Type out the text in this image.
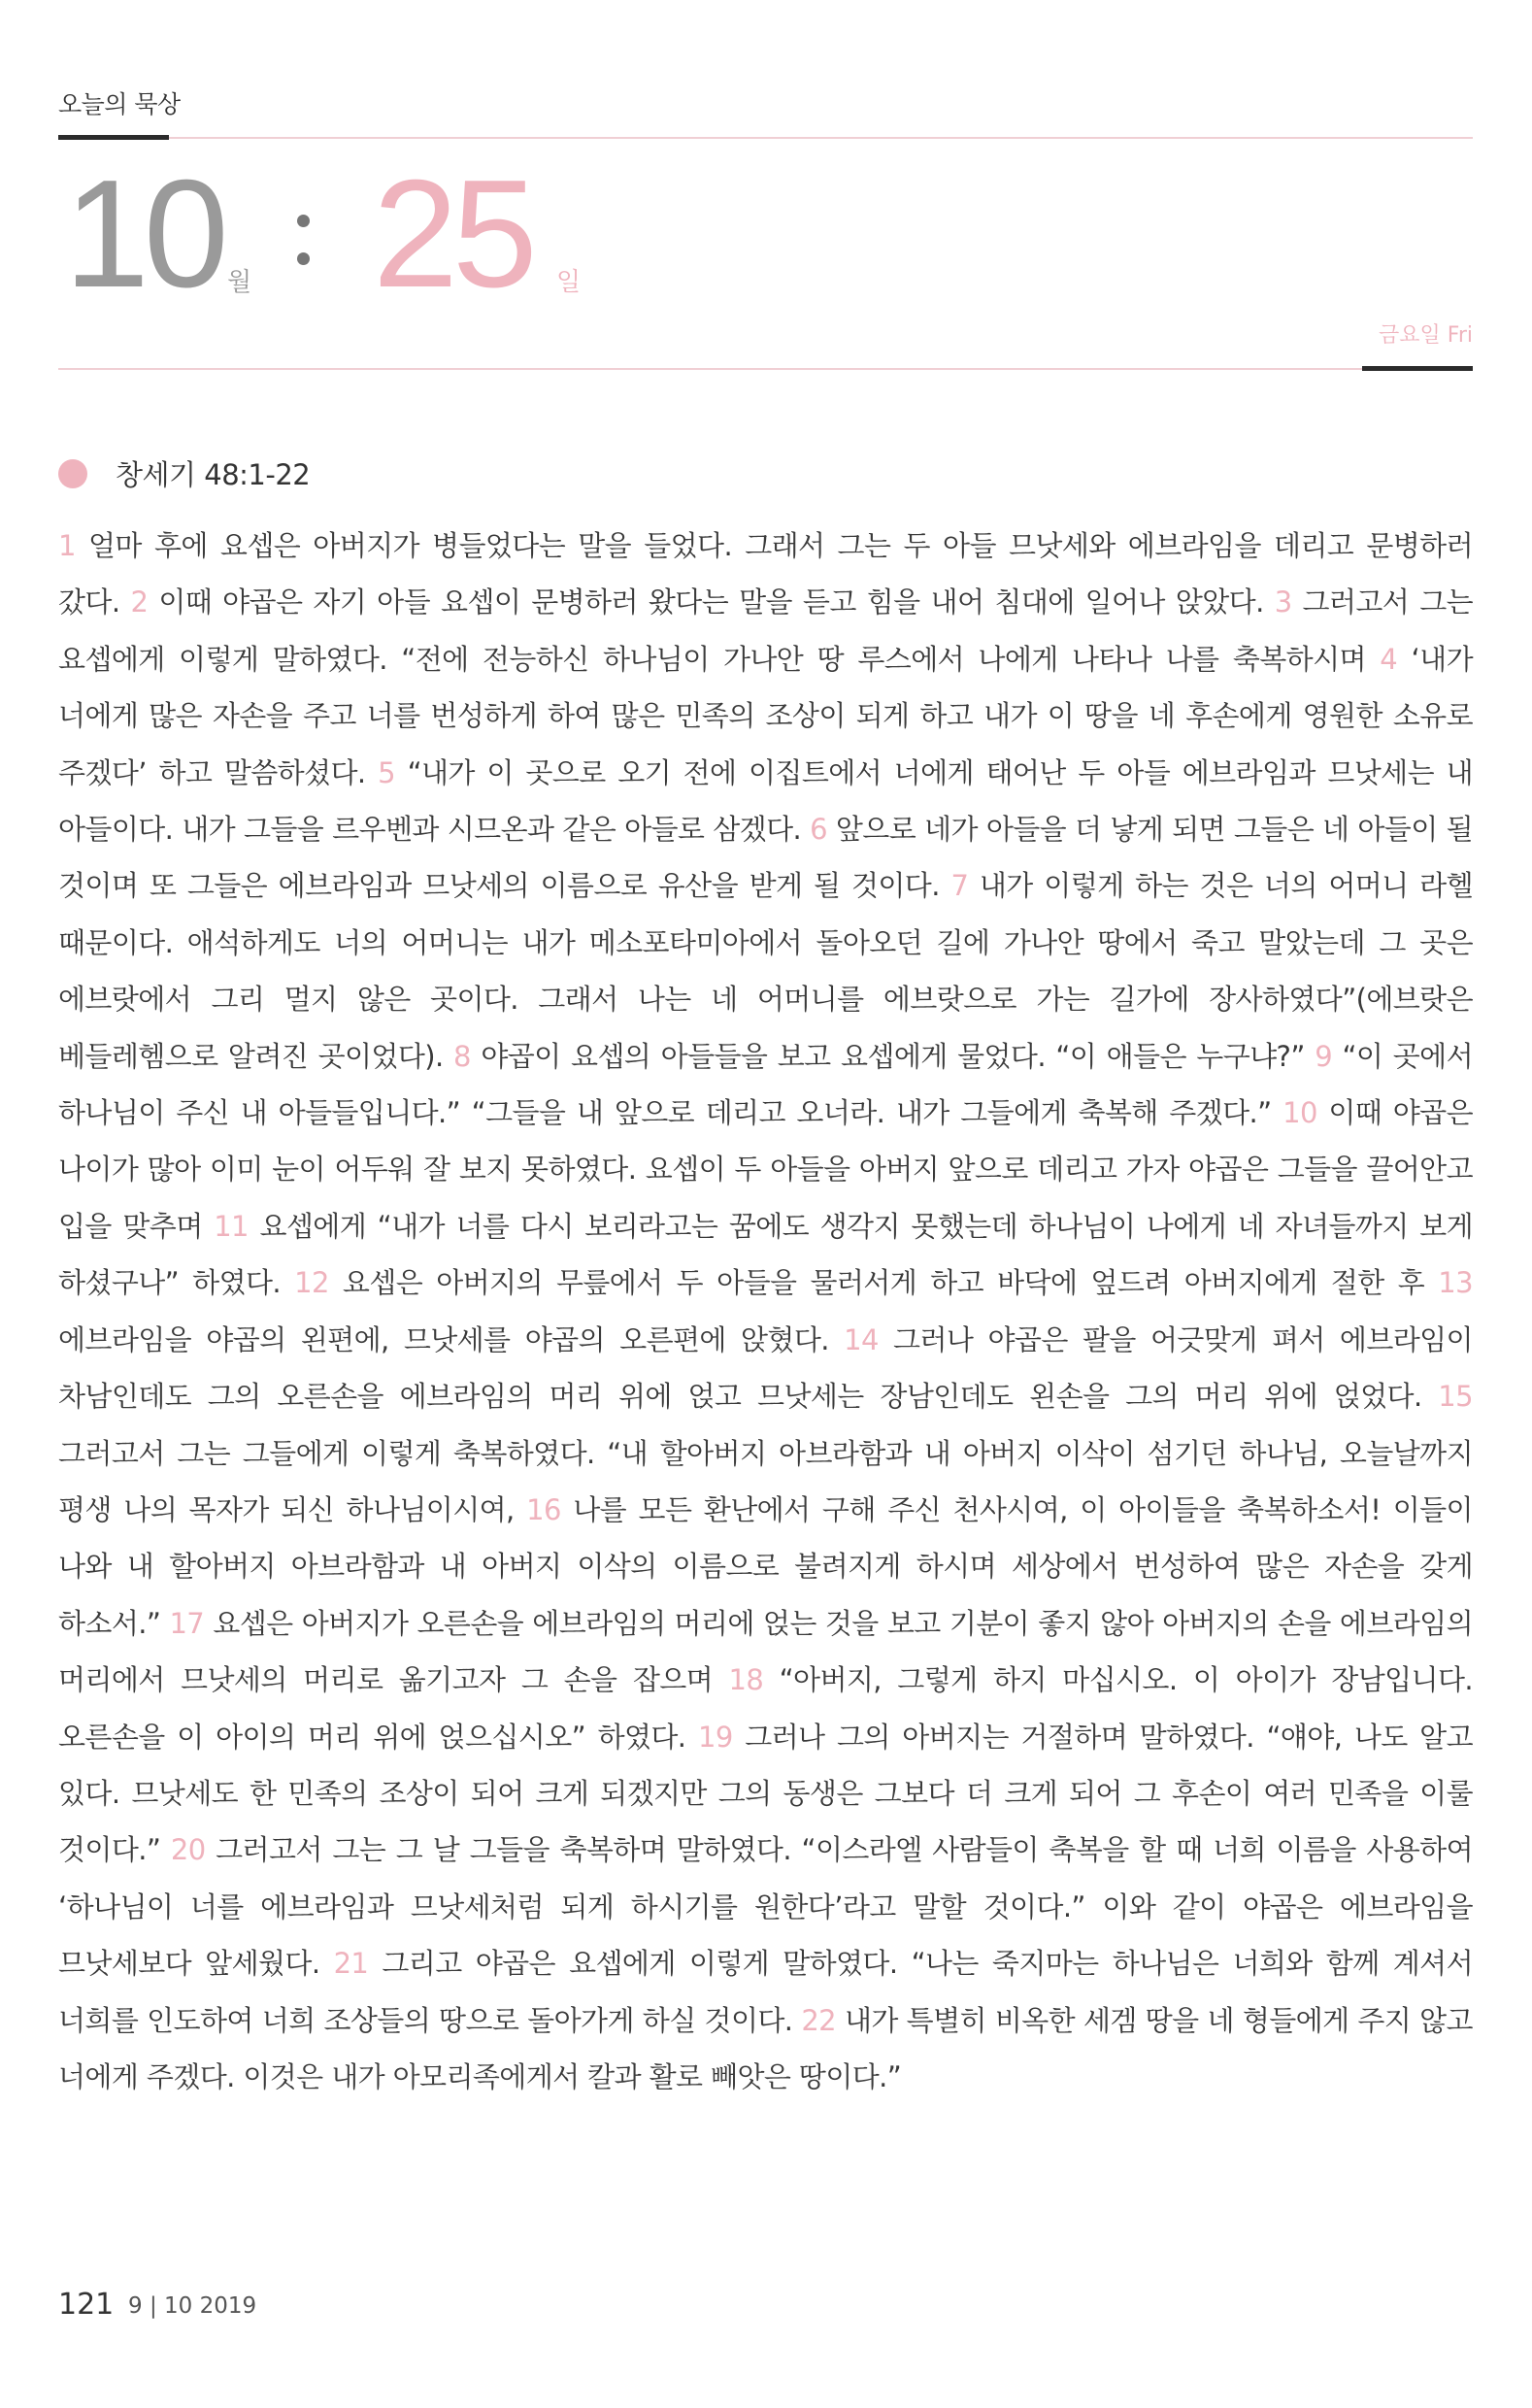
오늘의 묵상
10 월 25 일
금요일 Fri
창세기 48:1-22
1 얼마 후에 요셉은 아버지가 병들었다는 말을 들었다. 그래서 그는 두 아들 므낫세와 에브라임을 데리고 문병하러 갔다. 2 이때 야곱은 자기 아들 요셉이 문병하러 왔다는 말을 듣고 힘을 내어 침대에 일어나 앉았다. 3 그러고서 그는 요셉에게 이렇게 말하였다. “전에 전능하신 하나님이 가나안 땅 루스에서 나에게 나타나 나를 축복하시며 4 ‘내가 너에게 많은 자손을 주고 너를 번성하게 하여 많은 민족의 조상이 되게 하고 내가 이 땅을 네 후손에게 영원한 소유로 주겠다’ 하고 말씀하셨다. 5 “내가 이 곳으로 오기 전에 이집트에서 너에게 태어난 두 아들 에브라임과 므낫세는 내 아들이다. 내가 그들을 르우벤과 시므온과 같은 아들로 삼겠다. 6 앞으로 네가 아들을 더 낳게 되면 그들은 네 아들이 될 것이며 또 그들은 에브라임과 므낫세의 이름으로 유산을 받게 될 것이다. 7 내가 이렇게 하는 것은 너의 어머니 라헬 때문이다. 애석하게도 너의 어머니는 내가 메소포타미아에서 돌아오던 길에 가나안 땅에서 죽고 말았는데 그 곳은 에브랏에서 그리 멀지 않은 곳이다. 그래서 나는 네 어머니를 에브랏으로 가는 길가에 장사하였다”(에브랏은 베들레헴으로 알려진 곳이었다). 8 야곱이 요셉의 아들들을 보고 요셉에게 물었다. “이 애들은 누구냐?” 9 “이 곳에서 하나님이 주신 내 아들들입니다.” “그들을 내 앞으로 데리고 오너라. 내가 그들에게 축복해 주겠다.” 10 이때 야곱은 나이가 많아 이미 눈이 어두워 잘 보지 못하였다. 요셉이 두 아들을 아버지 앞으로 데리고 가자 야곱은 그들을 끌어안고 입을 맞추며 11 요셉에게 “내가 너를 다시 보리라고는 꿈에도 생각지 못했는데 하나님이 나에게 네 자녀들까지 보게 하셨구나” 하였다. 12 요셉은 아버지의 무릎에서 두 아들을 물러서게 하고 바닥에 엎드려 아버지에게 절한 후 13 에브라임을 야곱의 왼편에, 므낫세를 야곱의 오른편에 앉혔다. 14 그러나 야곱은 팔을 어긋맞게 펴서 에브라임이 차남인데도 그의 오른손을 에브라임의 머리 위에 얹고 므낫세는 장남인데도 왼손을 그의 머리 위에 얹었다. 15 그러고서 그는 그들에게 이렇게 축복하였다. “내 할아버지 아브라함과 내 아버지 이삭이 섬기던 하나님, 오늘날까지 평생 나의 목자가 되신 하나님이시여, 16 나를 모든 환난에서 구해 주신 천사시여, 이 아이들을 축복하소서! 이들이 나와 내 할아버지 아브라함과 내 아버지 이삭의 이름으로 불려지게 하시며 세상에서 번성하여 많은 자손을 갖게 하소서.” 17 요셉은 아버지가 오른손을 에브라임의 머리에 얹는 것을 보고 기분이 좋지 않아 아버지의 손을 에브라임의 머리에서 므낫세의 머리로 옮기고자 그 손을 잡으며 18 “아버지, 그렇게 하지 마십시오. 이 아이가 장남입니다. 오른손을 이 아이의 머리 위에 얹으십시오” 하였다. 19 그러나 그의 아버지는 거절하며 말하였다. “얘야, 나도 알고 있다. 므낫세도 한 민족의 조상이 되어 크게 되겠지만 그의 동생은 그보다 더 크게 되어 그 후손이 여러 민족을 이룰 것이다.” 20 그러고서 그는 그 날 그들을 축복하며 말하였다. “이스라엘 사람들이 축복을 할 때 너희 이름을 사용하여 ‘하나님이 너를 에브라임과 므낫세처럼 되게 하시기를 원한다’라고 말할 것이다.” 이와 같이 야곱은 에브라임을 므낫세보다 앞세웠다. 21 그리고 야곱은 요셉에게 이렇게 말하였다. “나는 죽지마는 하나님은 너희와 함께 계셔서 너희를 인도하여 너희 조상들의 땅으로 돌아가게 하실 것이다. 22 내가 특별히 비옥한 세겜 땅을 네 형들에게 주지 않고 너에게 주겠다. 이것은 내가 아모리족에게서 칼과 활로 빼앗은 땅이다.”
121 9 | 10 2019
